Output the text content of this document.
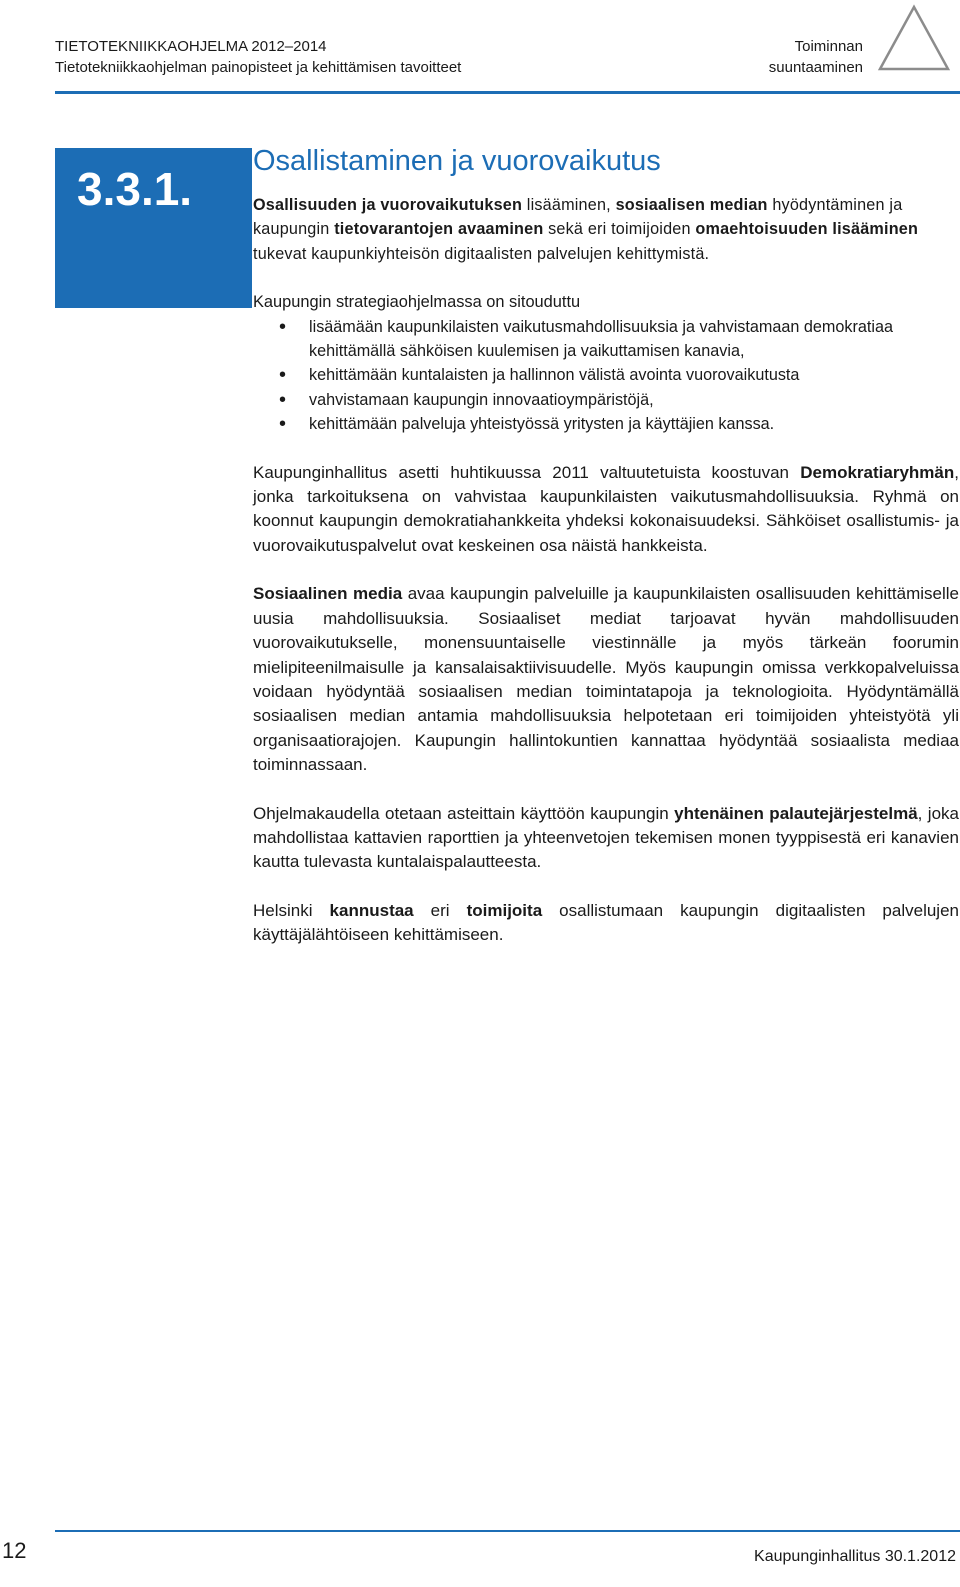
TIETOTEKNIIKKAOHJELMA 2012–2014
Tietotekniikkaohjelman painopisteet ja kehittämisen tavoitteet
Toiminnan
suuntaaminen
3.3.1.
Osallistaminen ja vuorovaikutus

Osallisuuden ja vuorovaikutuksen lisääminen, sosiaalisen median hyödyntäminen ja kaupungin tietovarantojen avaaminen sekä eri toimijoiden omaehtoisuuden lisääminen tukevat kaupunkiyhteisön digitaalisten palvelujen kehittymistä.

Kaupungin strategiaohjelmassa on sitouduttu

• lisäämään kaupunkilaisten vaikutusmahdollisuuksia ja vahvistamaan demokratiaa kehittämällä sähköisen kuulemisen ja vaikuttamisen kanavia,
• kehittämään kuntalaisten ja hallinnon välistä avointa vuorovaikutusta
• vahvistamaan kaupungin innovaatioympäristöjä,
• kehittämään palveluja yhteistyössä yritysten ja käyttäjien kanssa.

Kaupunginhallitus asetti huhtikuussa 2011 valtuutetuista koostuvan Demokratiaryhmän, jonka tarkoituksena on vahvistaa kaupunkilaisten vaikutusmahdollisuuksia. Ryhmä on koonnut kaupungin demokratiahankkeita yhdeksi kokonaisuudeksi. Sähköiset osallistumis- ja vuorovaikutuspalvelut ovat keskeinen osa näistä hankkeista.

Sosiaalinen media avaa kaupungin palveluille ja kaupunkilaisten osallisuuden kehittämiselle uusia mahdollisuuksia. Sosiaaliset mediat tarjoavat hyvän mahdollisuuden vuorovaikutukselle, monensuuntaiselle viestinnälle ja myös tärkeän foorumin mielipiteenilmaisulle ja kansalaisaktiivisuudelle. Myös kaupungin omissa verkkopalveluissa voidaan hyödyntää sosiaalisen median toimintatapoja ja teknologioita. Hyödyntämällä sosiaalisen median antamia mahdollisuuksia helpotetaan eri toimijoiden yhteistyötä yli organisaatiorajojen. Kaupungin hallintokuntien kannattaa hyödyntää sosiaalista mediaa toiminnassaan.

Ohjelmakaudella otetaan asteittain käyttöön kaupungin yhtenäinen palautejärjestelmä, joka mahdollistaa kattavien raporttien ja yhteenvetojen tekemisen monen tyyppisestä eri kanavien kautta tulevasta kuntalaispalautteesta.

Helsinki kannustaa eri toimijoita osallistumaan kaupungin digitaalisten palvelujen käyttäjälähtöiseen kehittämiseen.

12	Kaupunginhallitus 30.1.2012
